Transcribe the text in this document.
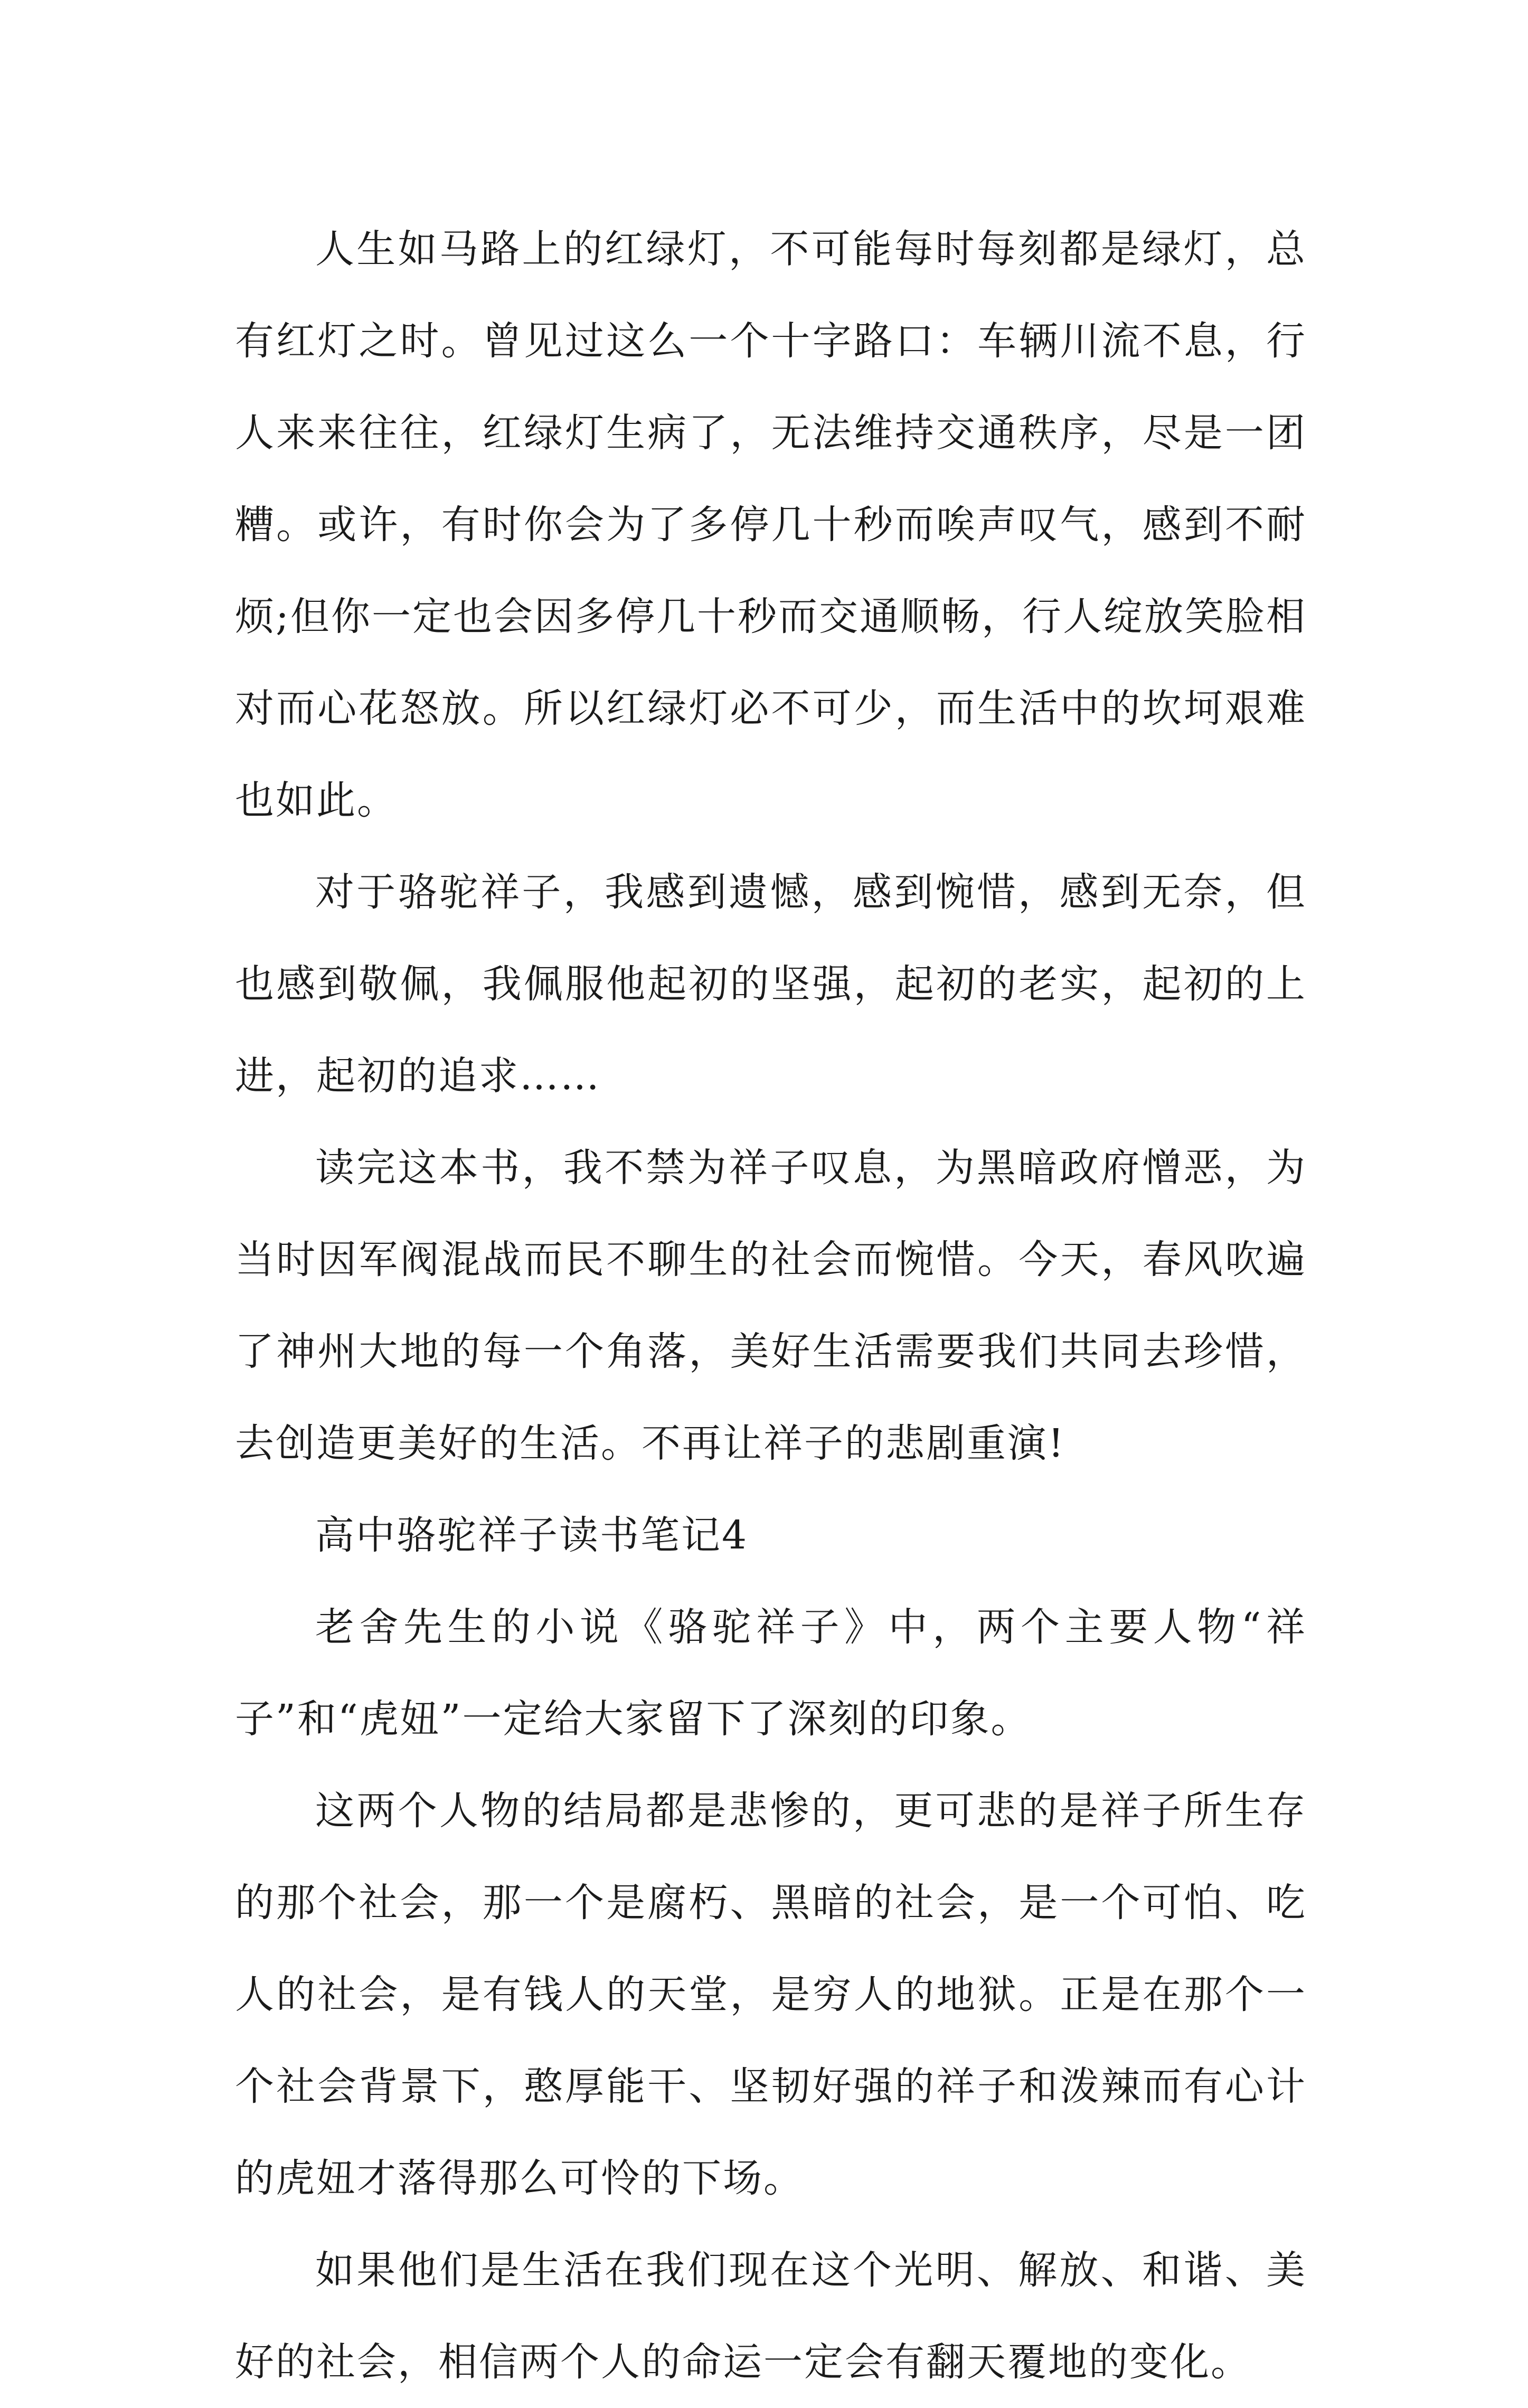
人生如马路上的红绿灯，不可能每时每刻都是绿灯，总有红灯之时。曾见过这么一个十字路口：车辆川流不息，行人来来往往，红绿灯生病了，无法维持交通秩序，尽是一团糟。或许，有时你会为了多停几十秒而唉声叹气，感到不耐烦;但你一定也会因多停几十秒而交通顺畅，行人绽放笑脸相对而心花怒放。所以红绿灯必不可少，而生活中的坎坷艰难也如此。

对于骆驼祥子，我感到遗憾，感到惋惜，感到无奈，但也感到敬佩，我佩服他起初的坚强，起初的老实，起初的上进，起初的追求……

读完这本书，我不禁为祥子叹息，为黑暗政府憎恶，为当时因军阀混战而民不聊生的社会而惋惜。今天，春风吹遍了神州大地的每一个角落，美好生活需要我们共同去珍惜，去创造更美好的生活。不再让祥子的悲剧重演!

高中骆驼祥子读书笔记4

老舍先生的小说《骆驼祥子》中，两个主要人物“祥子”和“虎妞”一定给大家留下了深刻的印象。

这两个人物的结局都是悲惨的，更可悲的是祥子所生存的那个社会，那一个是腐朽、黑暗的社会，是一个可怕、吃人的社会，是有钱人的天堂，是穷人的地狱。正是在那个一个社会背景下，憨厚能干、坚韧好强的祥子和泼辣而有心计的虎妞才落得那么可怜的下场。

如果他们是生活在我们现在这个光明、解放、和谐、美好的社会，相信两个人的命运一定会有翻天覆地的变化。
